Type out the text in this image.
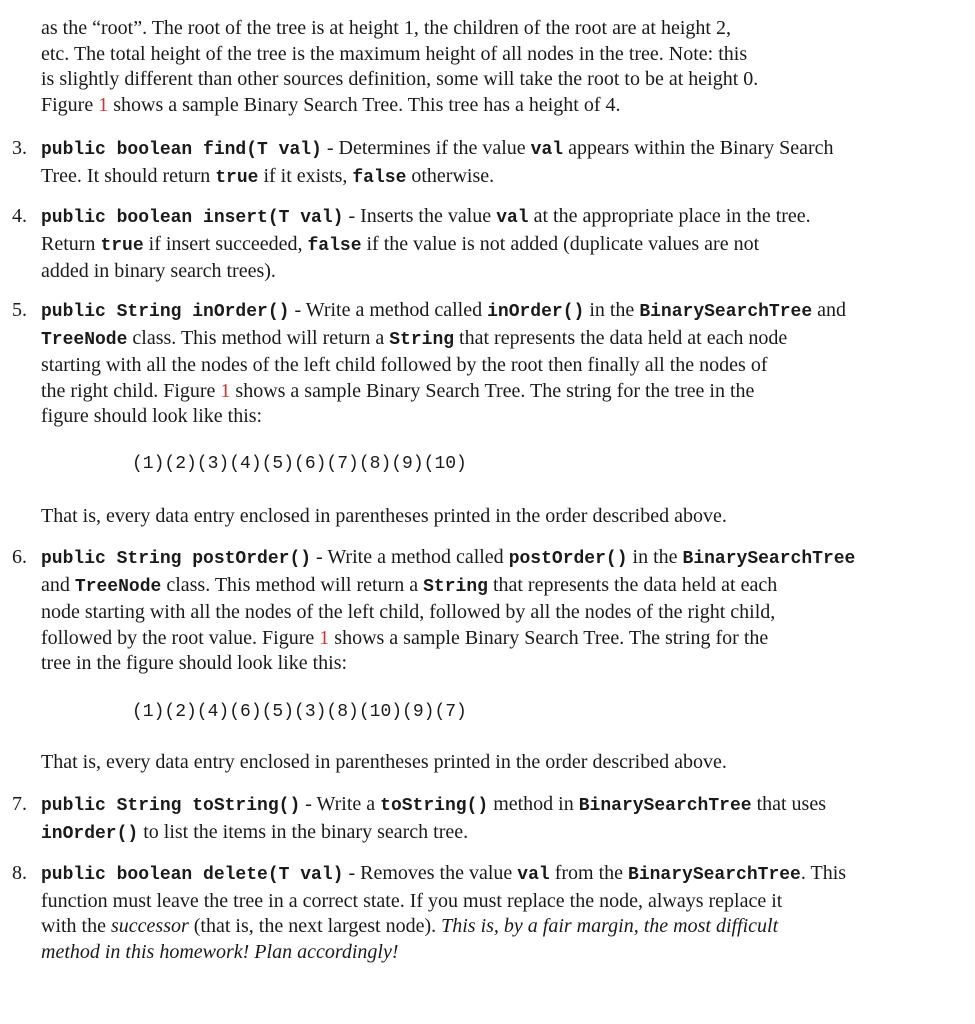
as the “root”. The root of the tree is at height 1, the children of the root are at height 2,
etc. The total height of the tree is the maximum height of all nodes in the tree. Note: this
is slightly different than other sources definition, some will take the root to be at height 0.
Figure 1 shows a sample Binary Search Tree. This tree has a height of 4.
3. public boolean find(T val) - Determines if the value val appears within the Binary Search
Tree. It should return true if it exists, false otherwise.
4. public boolean insert(T val) - Inserts the value val at the appropriate place in the tree.
Return true if insert succeeded, false if the value is not added (duplicate values are not
added in binary search trees).
5. public String inOrder() - Write a method called inOrder() in the BinarySearchTree and
TreeNode class. This method will return a String that represents the data held at each node
starting with all the nodes of the left child followed by the root then finally all the nodes of
the right child. Figure 1 shows a sample Binary Search Tree. The string for the tree in the
figure should look like this:
(1)(2)(3)(4)(5)(6)(7)(8)(9)(10)
That is, every data entry enclosed in parentheses printed in the order described above.
6. public String postOrder() - Write a method called postOrder() in the BinarySearchTree
and TreeNode class. This method will return a String that represents the data held at each
node starting with all the nodes of the left child, followed by all the nodes of the right child,
followed by the root value. Figure 1 shows a sample Binary Search Tree. The string for the
tree in the figure should look like this:
(1)(2)(4)(6)(5)(3)(8)(10)(9)(7)
That is, every data entry enclosed in parentheses printed in the order described above.
7. public String toString() - Write a toString() method in BinarySearchTree that uses
inOrder() to list the items in the binary search tree.
8. public boolean delete(T val) - Removes the value val from the BinarySearchTree. This
function must leave the tree in a correct state. If you must replace the node, always replace it
with the successor (that is, the next largest node). This is, by a fair margin, the most difficult
method in this homework! Plan accordingly!
